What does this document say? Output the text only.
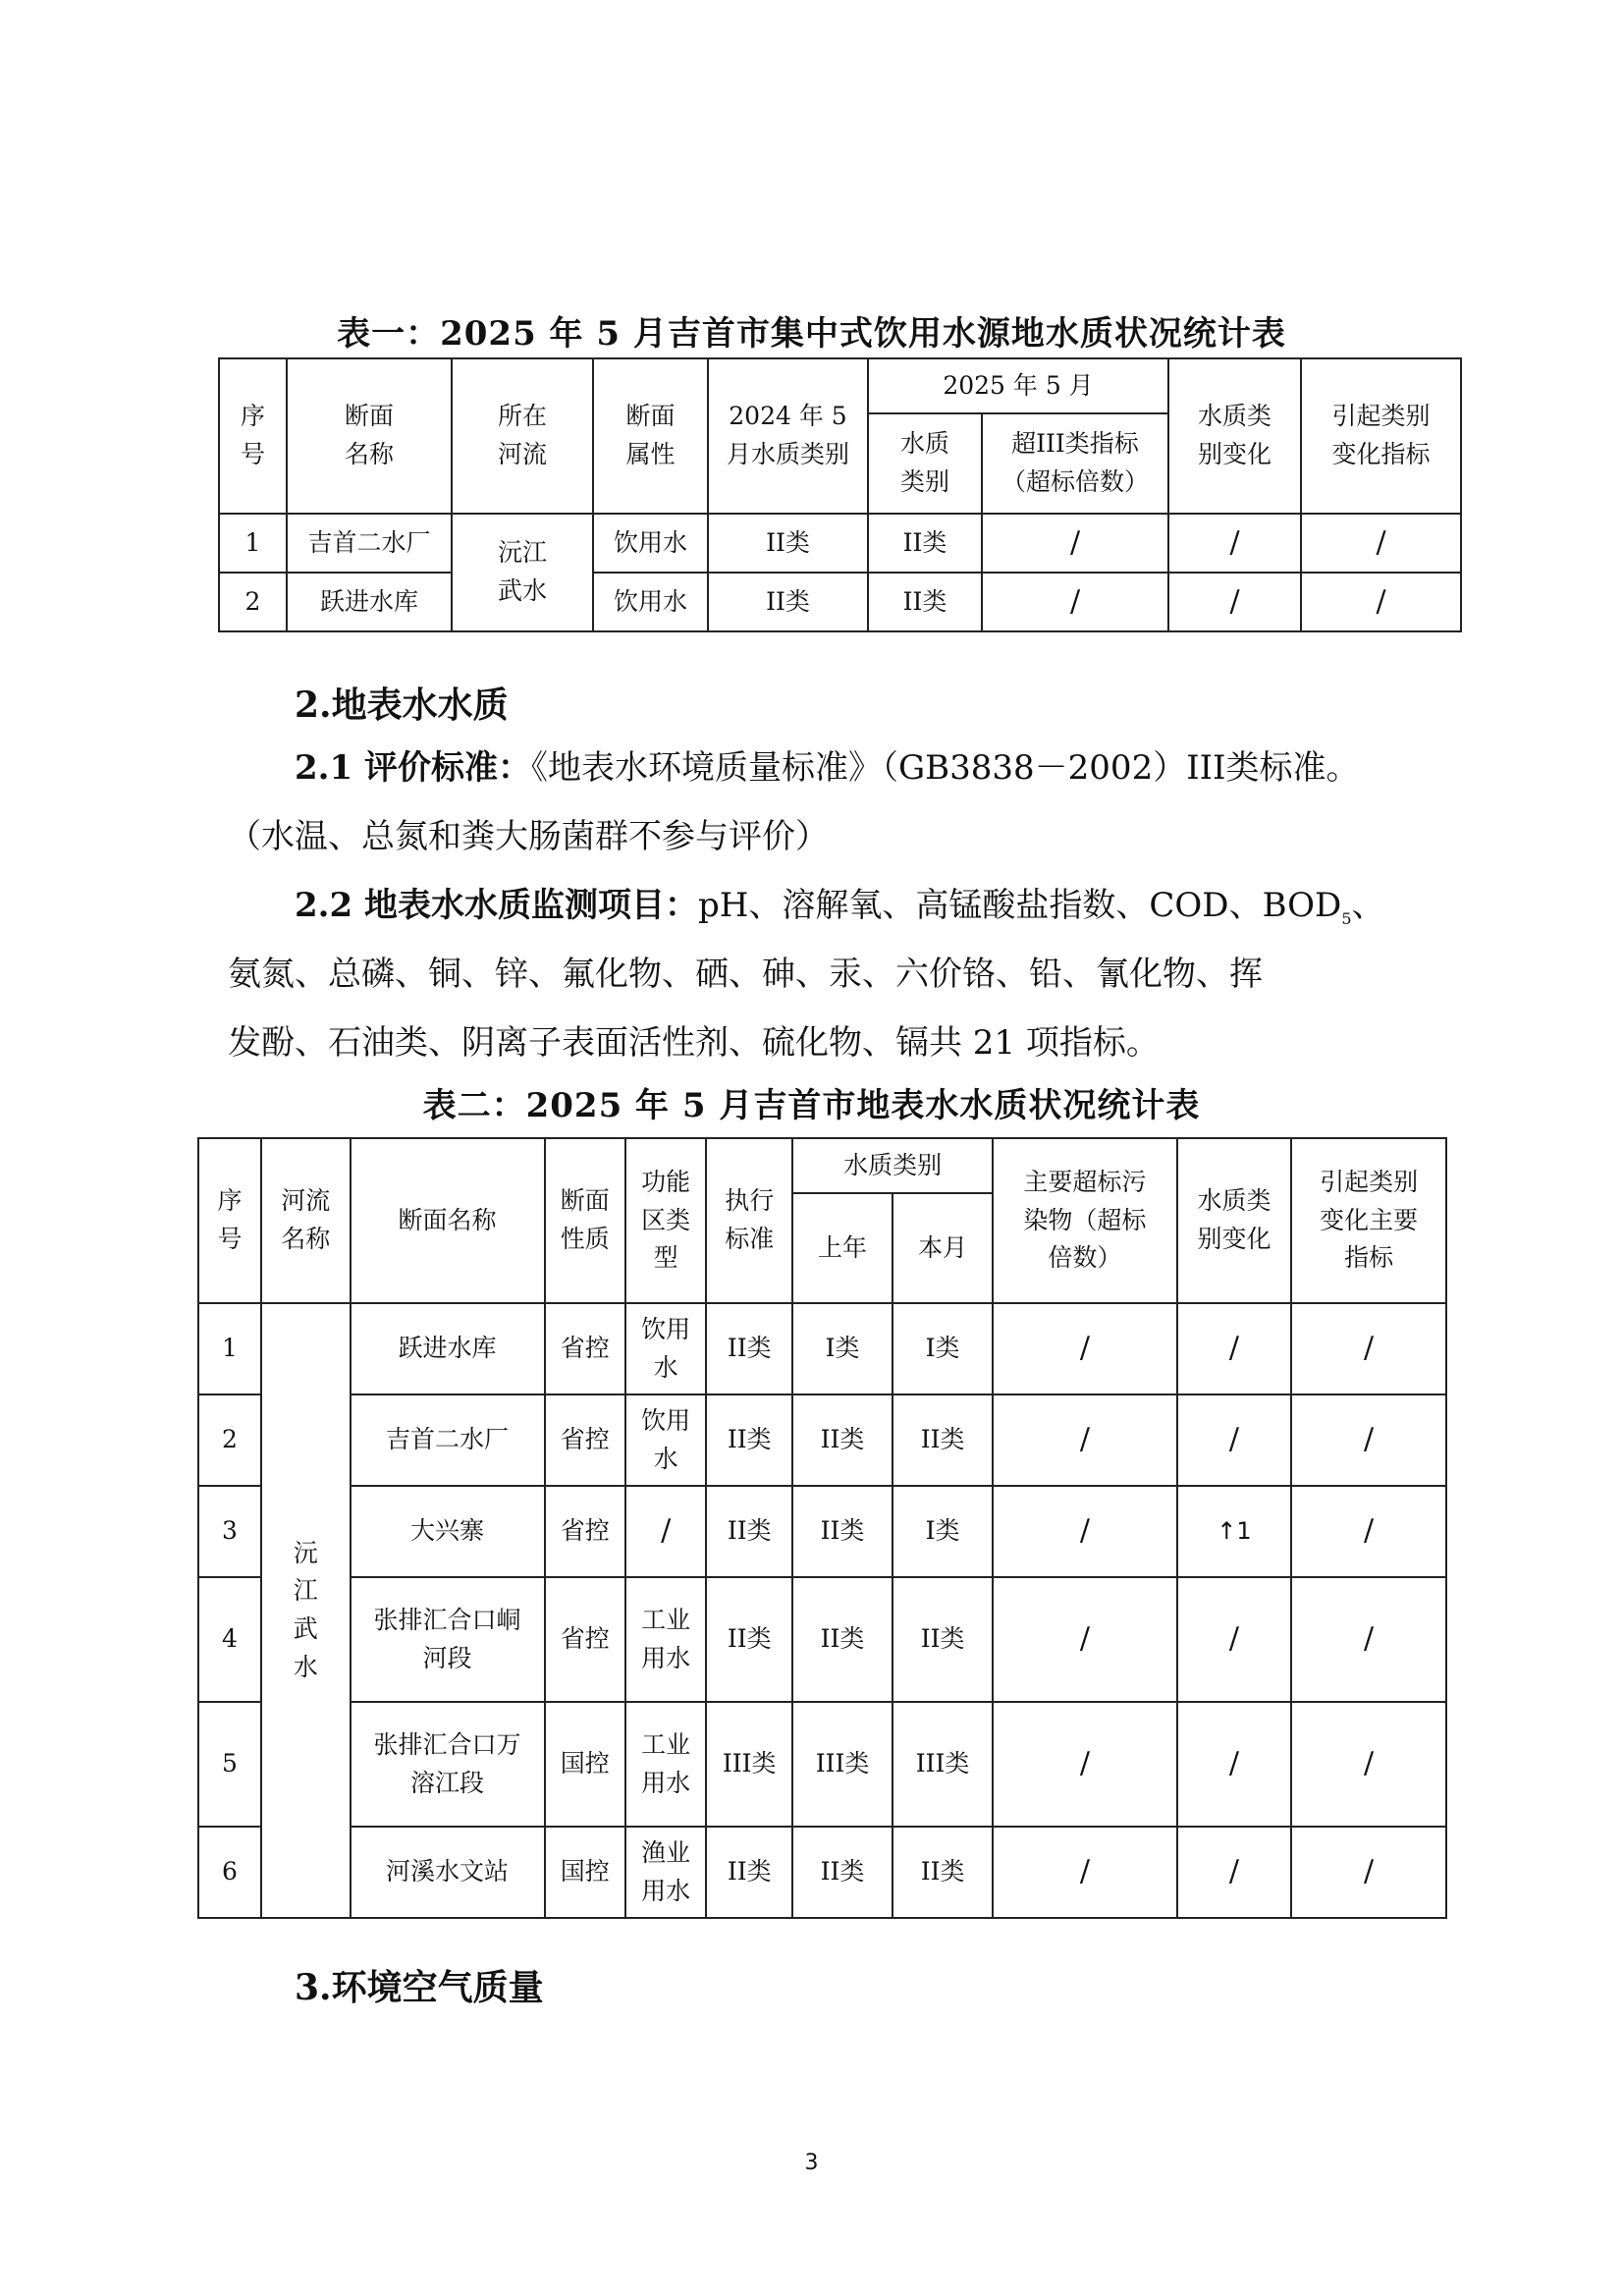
表一：2025 年 5 月吉首市集中式饮用水源地水质状况统计表
序号	断面名称	所在河流	断面属性	2024 年 5 月水质类别	2025 年 5 月		水质类别变化	引起类别变化指标
					水质类别	超III类指标（超标倍数）		
1	吉首二水厂	沅江武水	饮用水	II类	II类	/	/	/
2	跃进水库		饮用水	II类	II类	/	/	/
2.地表水水质
2.1 评价标准：《地表水环境质量标准》（GB3838－2002）III类标准。
（水温、总氮和粪大肠菌群不参与评价）
2.2 地表水水质监测项目：pH、溶解氧、高锰酸盐指数、COD、$BOD_5$、
氨氮、总磷、铜、锌、氟化物、硒、砷、汞、六价铬、铅、氰化物、挥
发酚、石油类、阴离子表面活性剂、硫化物、镉共 21 项指标。
表二：2025 年 5 月吉首市地表水水质状况统计表
序号	河流名称	断面名称	断面性质	功能区类型	执行标准	水质类别		主要超标污染物（超标倍数）	水质类别变化	引起类别变化主要指标
						上年	本月			
1	沅江武水	跃进水库	省控	饮用水	II类	I类	I类	/	/	/
2		吉首二水厂	省控	饮用水	II类	II类	II类	/	/	/
3		大兴寨	省控	/	II类	II类	I类	/	↑1	/
4		张排汇合口峒河段	省控	工业用水	II类	II类	II类	/	/	/
5		张排汇合口万溶江段	国控	工业用水	III类	III类	III类	/	/	/
6		河溪水文站	国控	渔业用水	II类	II类	II类	/	/	/
3.环境空气质量
3
